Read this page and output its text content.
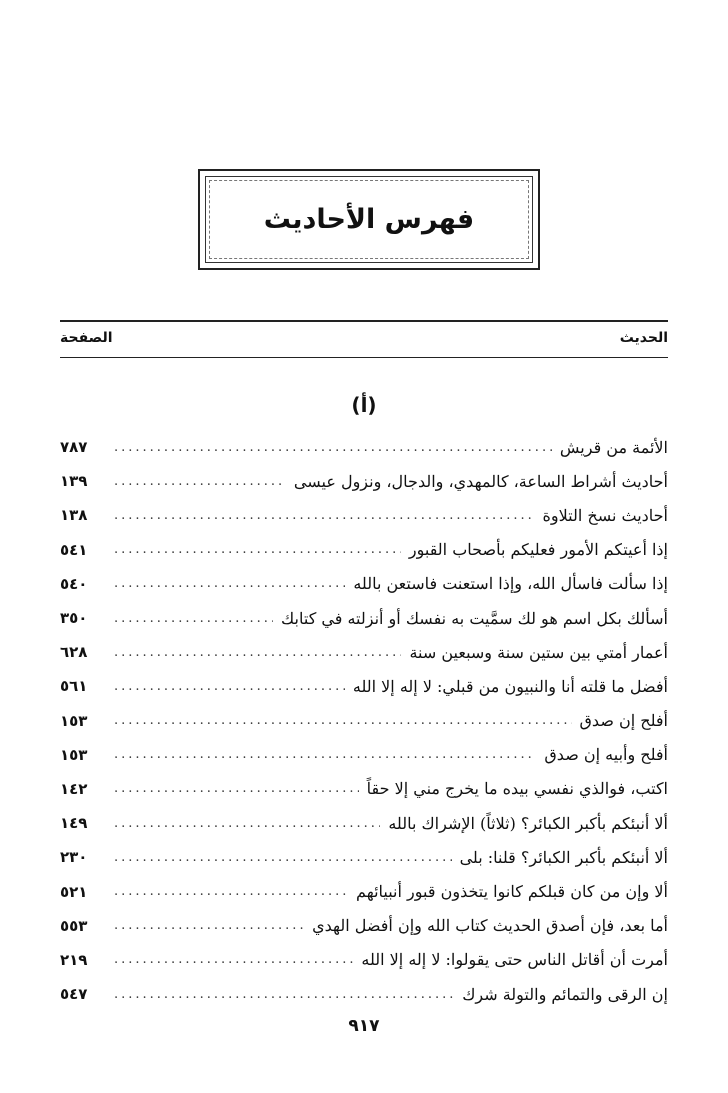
فهرس الأحاديث
الحديث
الصفحة
(أ)
الأئمة من قريش
.....
٧٨٧
أحاديث أشراط الساعة، كالمهدي، والدجال، ونزول عيسى
.....
١٣٩
أحاديث نسخ التلاوة
.....
١٣٨
إذا أعيتكم الأمور فعليكم بأصحاب القبور
.....
٥٤١
إذا سألت فاسأل الله، وإذا استعنت فاستعن بالله
.....
٥٤٠
أسألك بكل اسم هو لك سمَّيت به نفسك أو أنزلته في كتابك
.....
٣٥٠
أعمار أمتي بين ستين سنة وسبعين سنة
.....
٦٢٨
أفضل ما قلته أنا والنبيون من قبلي: لا إله إلا الله
.....
٥٦١
أفلح إن صدق
.....
١٥٣
أفلح وأبيه إن صدق
.....
١٥٣
اكتب، فوالذي نفسي بيده ما يخرج مني إلا حقاً
.....
١٤٢
ألا أنبئكم بأكبر الكبائر؟ (ثلاثاً) الإشراك بالله
.....
١٤٩
ألا أنبئكم بأكبر الكبائر؟ قلنا: بلى
.....
٢٣٠
ألا وإن من كان قبلكم كانوا يتخذون قبور أنبيائهم
.....
٥٢١
أما بعد، فإن أصدق الحديث كتاب الله وإن أفضل الهدي
.....
٥٥٣
أمرت أن أقاتل الناس حتى يقولوا: لا إله إلا الله
.....
٢١٩
إن الرقى والتمائم والتولة شرك
.....
٥٤٧
٩١٧
